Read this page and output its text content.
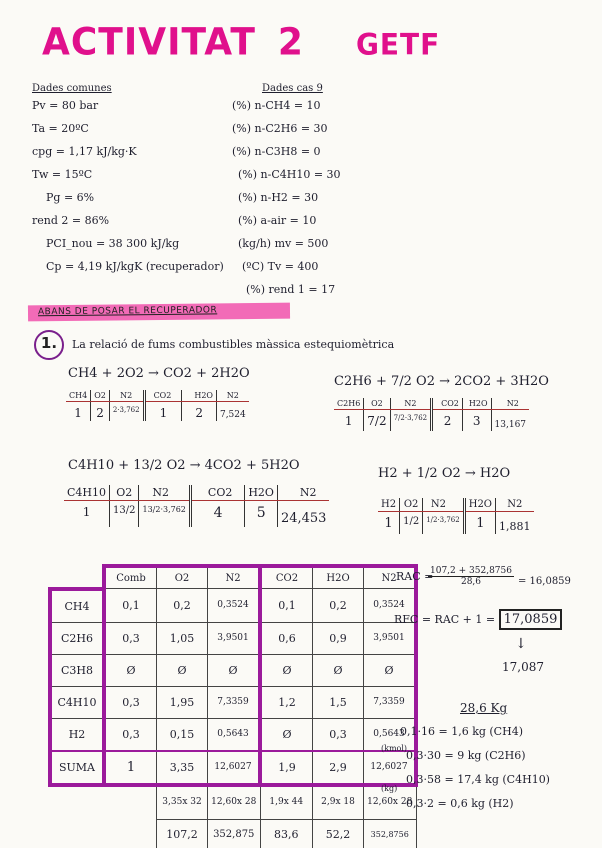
ACTIVITAT 2 GETF
Dades comunes
Pv = 80 bar
Ta = 20ºC
cpg = 1,17 kJ/kg·K
Tw = 15ºC
Pg = 6%
rend 2 = 86%
PCI_nou = 38 300 kJ/kg
Cp = 4,19 kJ/kgK (recuperador)
Dades cas 9
(%) n-CH4 = 10
(%) n-C2H6 = 30
(%) n-C3H8 = 0
(%) n-C4H10 = 30
(%) n-H2 = 30
(%) a-air = 10
(kg/h) mv = 500
(ºC) Tv = 400
(%) rend 1 = 17
ABANS DE POSAR EL RECUPERADOR
1.	La relació de fums combustibles màssica estequiomètrica
CH4 + 2O2 → CO2 + 2H2O
CH4	O2	N2	CO2	H2O	N2
1	2	2·3,762	1	2	7,524
C2H6 + 7/2 O2 → 2CO2 + 3H2O
C2H6	O2	N2	CO2	H2O	N2
1	7/2	7/2·3,762	2	3	13,167
C4H10 + 13/2 O2 → 4CO2 + 5H2O
C4H10	O2	N2	CO2	H2O	N2
1	13/2	13/2·3,762	4	5	24,453
H2 + 1/2 O2 → H2O
H2	O2	N2	H2O	N2
1	1/2	1/2·3,762	1	1,881
	Comb	O2	N2	CO2	H2O	N2
CH4	0,1	0,2	0,3524	0,1	0,2	0,3524
C2H6	0,3	1,05	3,9501	0,6	0,9	3,9501
C3H8	Ø	Ø	Ø	Ø	Ø	Ø
C4H10	0,3	1,95	7,3359	1,2	1,5	7,3359
H2	0,3	0,15	0,5643	Ø	0,3	0,5643
SUMA	1	3,35	12,6027	1,9	2,9	12,6027
		3,35x 32	12,60x 28	1,9x 44	2,9x 18	12,60x 28
		107,2	352,875	83,6	52,2	352,8756
(kmol)
(kg)
RAC =
$\frac{107,2 + 352,8756}{28,6} = 16,0859$
RFC = RAC + 1 = 17,0859
↓
17,087
28,6 Kg
0,1·16 = 1,6 kg (CH4)
0,3·30 = 9 kg (C2H6)
0,3·58 = 17,4 kg (C4H10)
0,3·2 = 0,6 kg (H2)
